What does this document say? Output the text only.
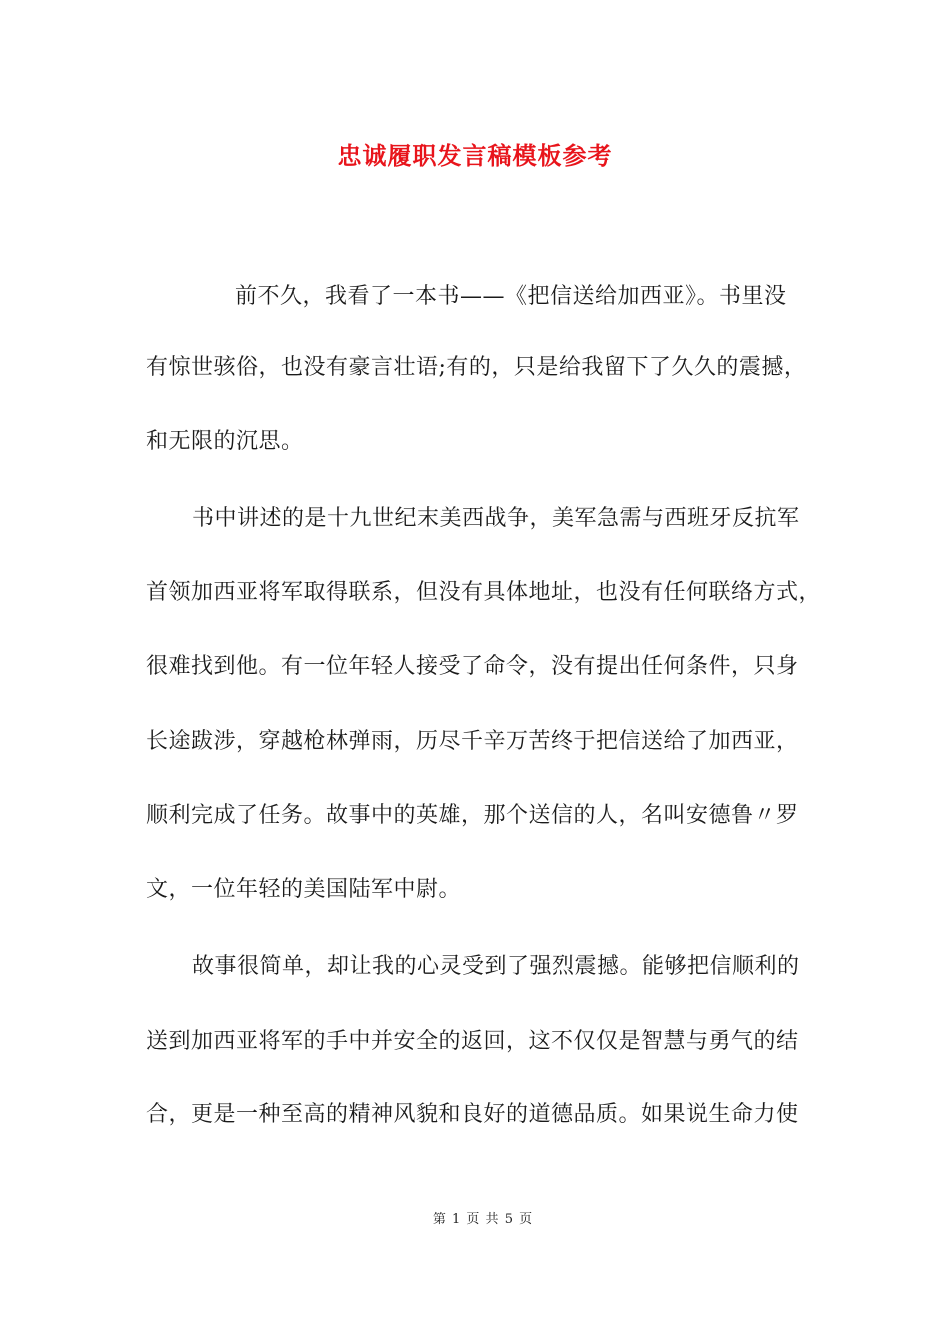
忠诚履职发言稿模板参考
前不久，我看了一本书——《把信送给加西亚》。书里没
有惊世骇俗，也没有豪言壮语;有的，只是给我留下了久久的震撼，
和无限的沉思。
书中讲述的是十九世纪末美西战争，美军急需与西班牙反抗军
首领加西亚将军取得联系，但没有具体地址，也没有任何联络方式，
很难找到他。有一位年轻人接受了命令，没有提出任何条件，只身
长途跋涉，穿越枪林弹雨，历尽千辛万苦终于把信送给了加西亚，
顺利完成了任务。故事中的英雄，那个送信的人，名叫安德鲁〃罗
文，一位年轻的美国陆军中尉。
故事很简单，却让我的心灵受到了强烈震撼。能够把信顺利的
送到加西亚将军的手中并安全的返回，这不仅仅是智慧与勇气的结
合，更是一种至高的精神风貌和良好的道德品质。如果说生命力使
第 1 页 共 5 页
